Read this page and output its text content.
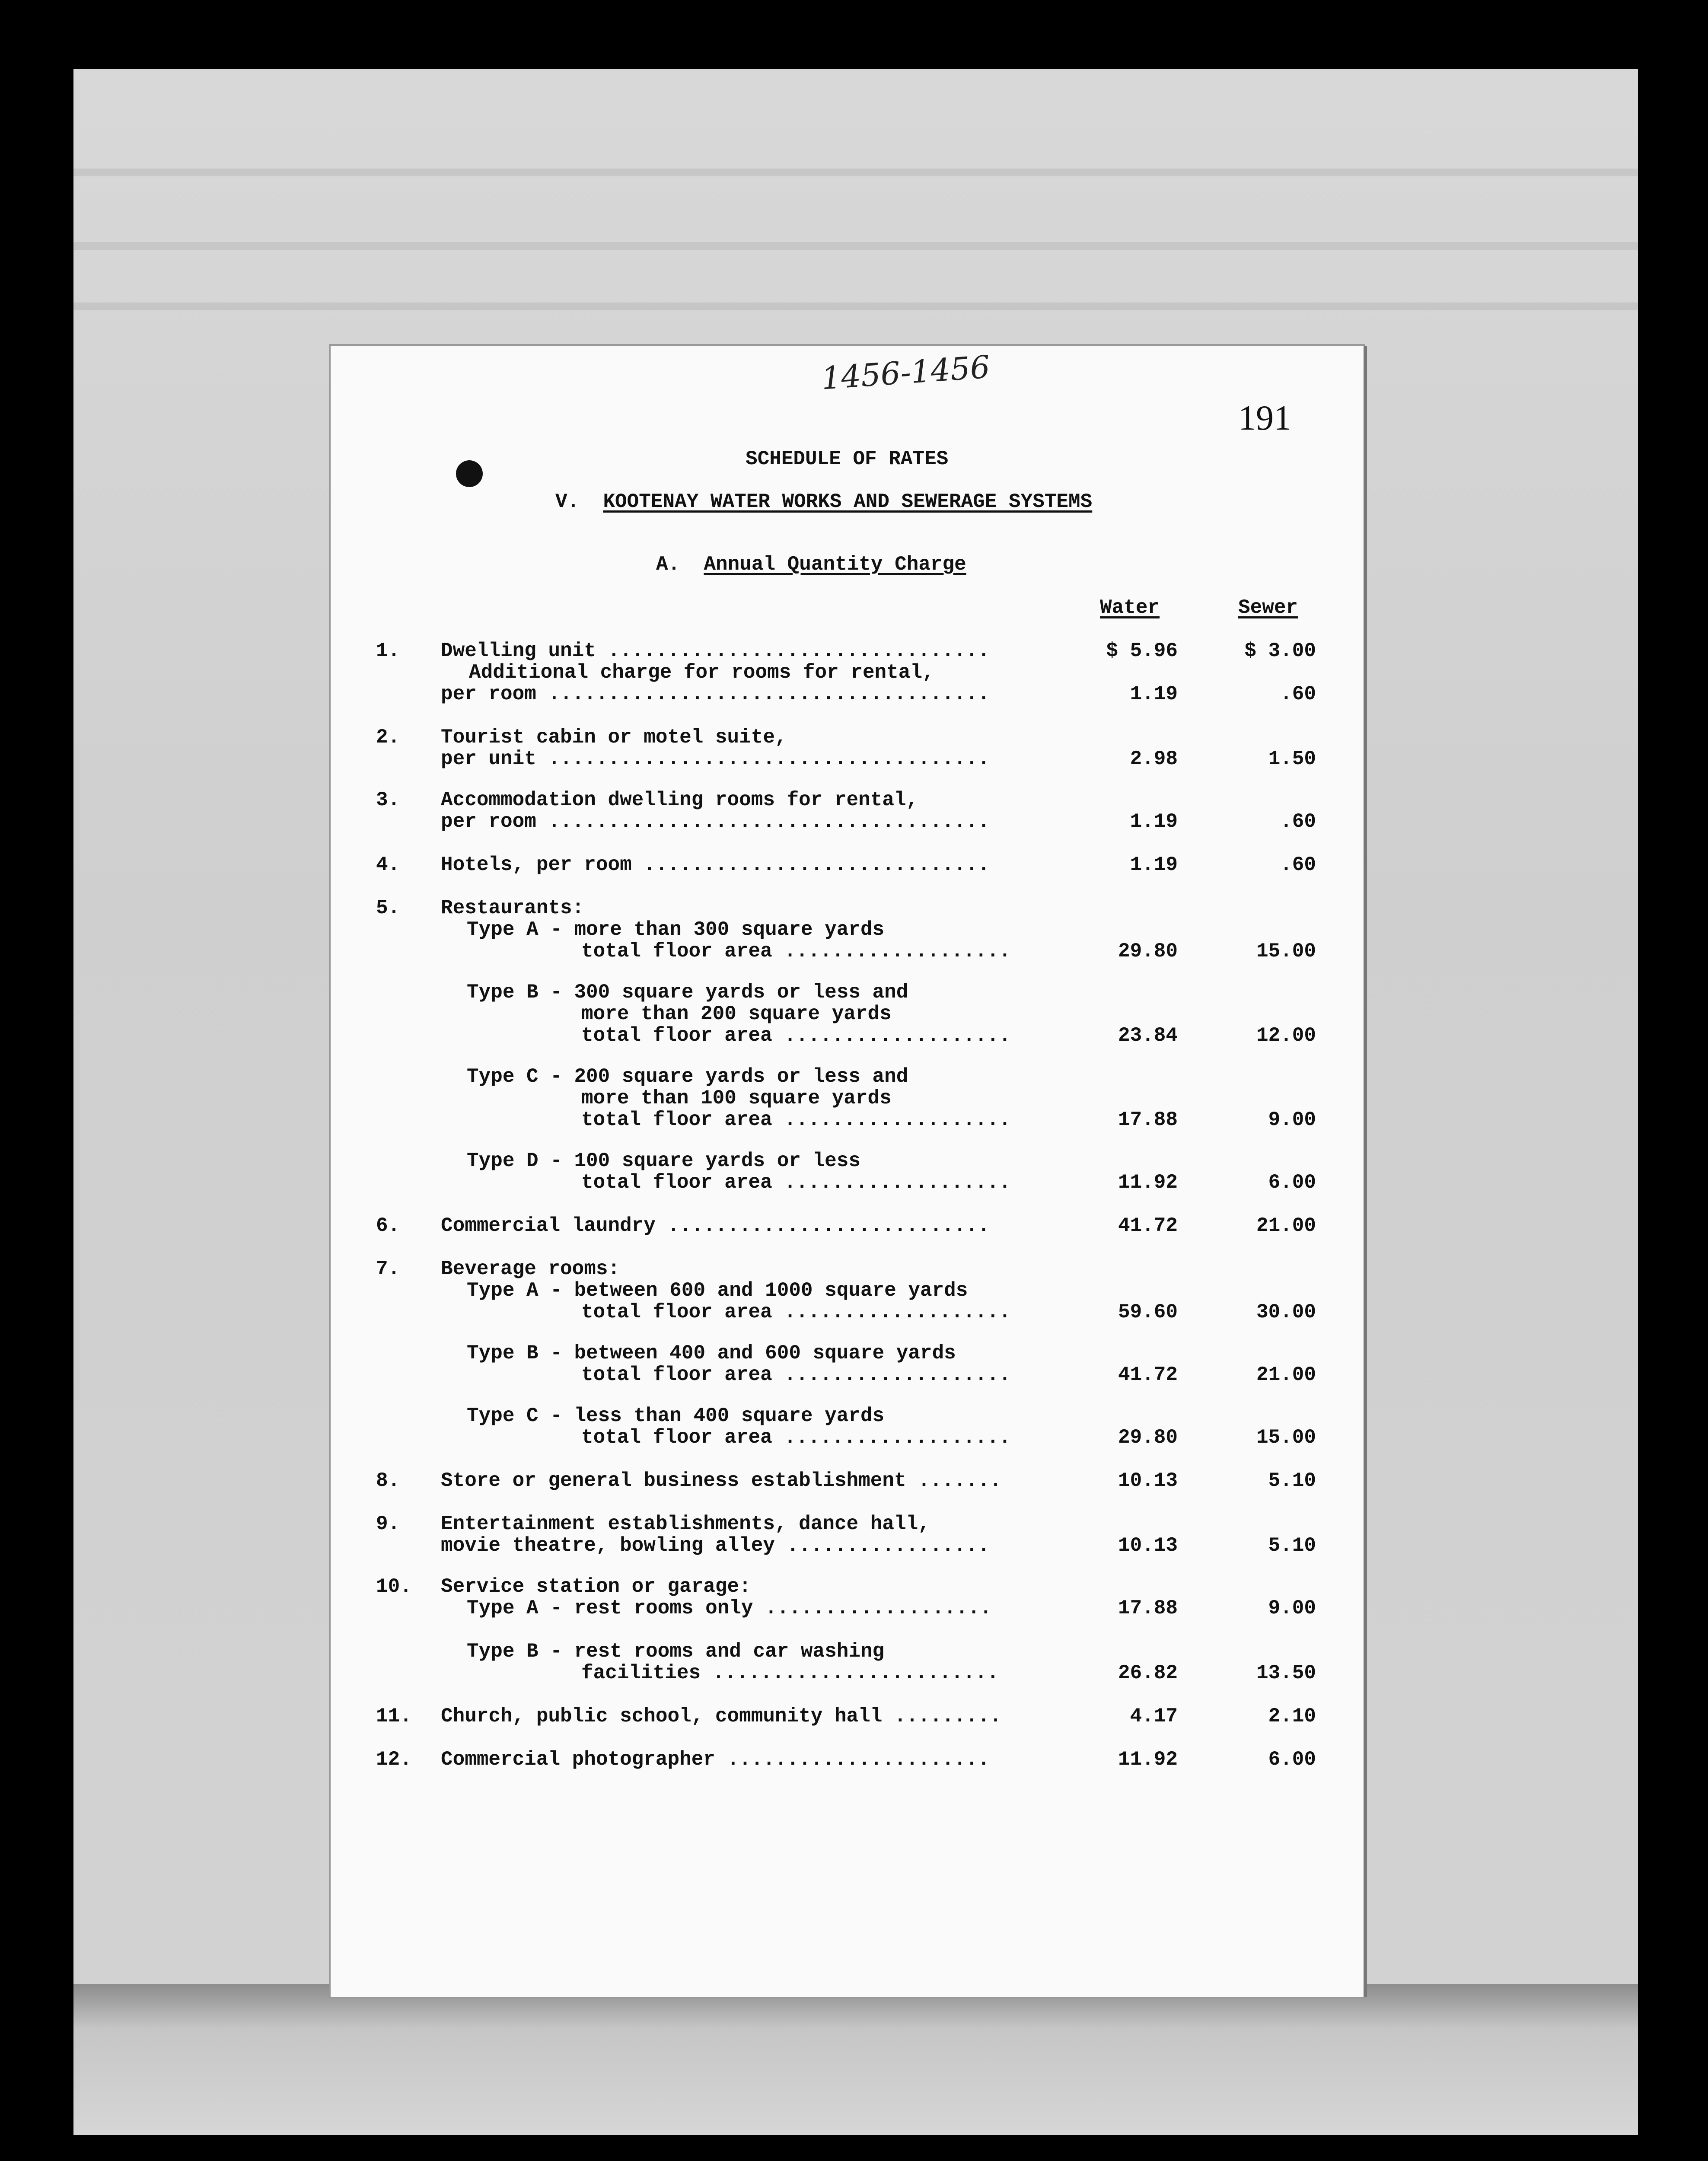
1456-1456
191
SCHEDULE OF RATES
V. KOOTENAY WATER WORKS AND SEWERAGE SYSTEMS
A. Annual Quantity Charge
Water	Sewer
1. Dwelling unit ................................	$ 5.96	$ 3.00
Additional charge for rooms for rental,
per room .....................................	1.19	.60
2. Tourist cabin or motel suite,
per unit .....................................	2.98	1.50
3. Accommodation dwelling rooms for rental,
per room .....................................	1.19	.60
4. Hotels, per room .............................	1.19	.60
5. Restaurants:
Type A - more than 300 square yards
total floor area ...................	29.80	15.00
Type B - 300 square yards or less and
more than 200 square yards
total floor area ...................	23.84	12.00
Type C - 200 square yards or less and
more than 100 square yards
total floor area ...................	17.88	9.00
Type D - 100 square yards or less
total floor area ...................	11.92	6.00
6. Commercial laundry ...........................	41.72	21.00
7. Beverage rooms:
Type A - between 600 and 1000 square yards
total floor area ...................	59.60	30.00
Type B - between 400 and 600 square yards
total floor area ...................	41.72	21.00
Type C - less than 400 square yards
total floor area ...................	29.80	15.00
8. Store or general business establishment .......	10.13	5.10
9. Entertainment establishments, dance hall,
movie theatre, bowling alley .................	10.13	5.10
10. Service station or garage:
Type A - rest rooms only ...................	17.88	9.00
Type B - rest rooms and car washing
facilities ........................	26.82	13.50
11. Church, public school, community hall .........	4.17	2.10
12. Commercial photographer ......................	11.92	6.00
